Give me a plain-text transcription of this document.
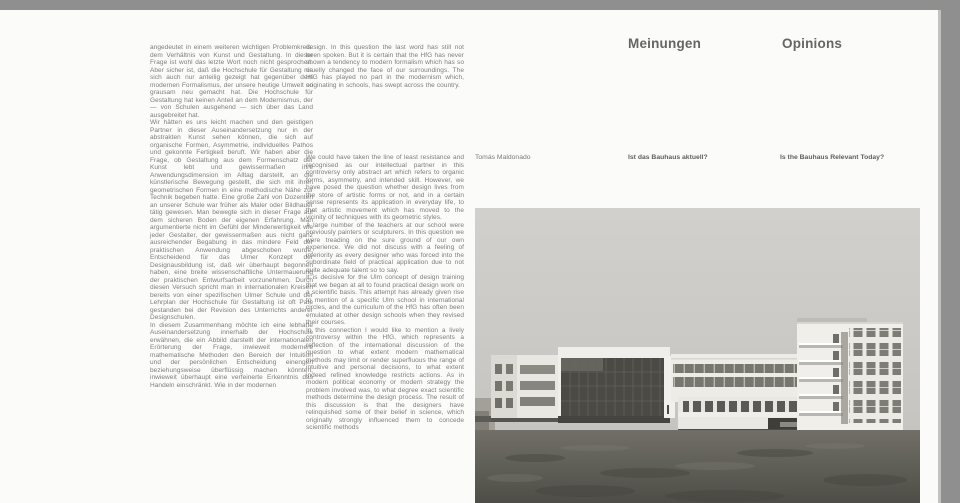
Meinungen	Opinions
Tomás Maldonado	Ist das Bauhaus aktuell?	Is the Bauhaus Relevant Today?

angedeutet in einem weiteren wichtigen Problemkreis: dem Verhältnis von Kunst und Gestaltung. In dieser Frage ist wohl das letzte Wort noch nicht gesprochen. Aber sicher ist, daß die Hochschule für Gestaltung nie sich auch nur anteilig gezeigt hat gegenüber dem modernen Formalismus, der unsere heutige Umwelt so grausam neu gemacht hat. Die Hochschule für Gestaltung hat keinen Anteil an dem Modernismus, der — von Schulen ausgehend — sich über das Land ausgebreitet hat.

Wir hätten es uns leicht machen und den geistigen Partner in dieser Auseinandersetzung nur in der abstrakten Kunst sehen können, die sich auf organische Formen, Asymmetrie, individuelles Pathos und gekonnte Fertigkeit beruft. Wir haben aber die Frage, ob Gestaltung aus dem Formenschatz der Kunst lebt und gewissermaßen ihre Anwendungsdimension im Alltag darstellt, an die künstlerische Bewegung gestellt, die sich mit ihren geometrischen Formen in eine methodische Nähe zur Technik begeben hatte. Eine große Zahl von Dozenten an unserer Schule war früher als Maler oder Bildhauer tätig gewesen. Man bewegte sich in dieser Frage auf dem sicheren Boden der eigenen Erfahrung. Man argumentierte nicht im Gefühl der Minderwertigkeit wie jeder Gestalter, der gewissermaßen aus nicht ganz ausreichender Begabung in das mindere Feld der praktischen Anwendung abgeschoben wurde. Entscheidend für das Ulmer Konzept der Designausbildung ist, daß wir überhaupt begonnen haben, eine breite wissenschaftliche Untermauerung der praktischen Entwurfsarbeit vorzunehmen. Durch diesen Versuch spricht man in internationalen Kreisen bereits von einer spezifischen Ulmer Schule und der Lehrplan der Hochschule für Gestaltung ist oft Pate gestanden bei der Revision des Unterrichts anderer Designschulen.

In diesem Zusammenhang möchte ich eine lebhafte Auseinandersetzung innerhalb der Hochschule erwähnen, die ein Abbild darstellt der internationalen Erörterung der Frage, inwieweit modernere mathematische Methoden den Bereich der Intuition und der persönlichen Entscheidung einengen beziehungsweise überflüssig machen könnten, inwieweit überhaupt eine verfeinerte Erkenntnis das Handeln einschränkt. Wie in der modernen

design. In this question the last word has still not been spoken. But it is certain that the HfG has never shown a tendency to modern formalism which has so cruelly changed the face of our surroundings. The HfG has played no part in the modernism which, originating in schools, has swept across the country.

We could have taken the line of least resistance and recognised as our intellectual partner in this controversy only abstract art which refers to organic forms, asymmetry, and intended skill. However, we have posed the question whether design lives from the store of artistic forms or not, and in a certain sense represents its application in everyday life, to that artistic movement which has moved to the vicinity of techniques with its geometric styles.

A large number of the teachers at our school were previously painters or sculpturers. In this question we were treading on the sure ground of our own experience. We did not discuss with a feeling of inferiority as every designer who was forced into the subordinate field of practical application due to not quite adequate talent so to say.

It is decisive for the Ulm concept of design training that we began at all to found practical design work on a scientific basis. This attempt has already given rise to mention of a specific Ulm school in international circles, and the curriculum of the HfG has often been emulated at other design schools when they revised their courses.

In this connection I would like to mention a lively controversy within the HfG, which represents a reflection of the international discussion of the question to what extent modern mathematical methods may limit or render superfluous the range of intuitive and personal decisions, to what extent indeed refined knowledge restricts actions. As in modern political economy or modern strategy the problem involved was, to what degree exact scientific methods determine the design process. The result of this discussion is that the designers have relinquished some of their belief in science, which originally strongly influenced them to concede scientific methods
